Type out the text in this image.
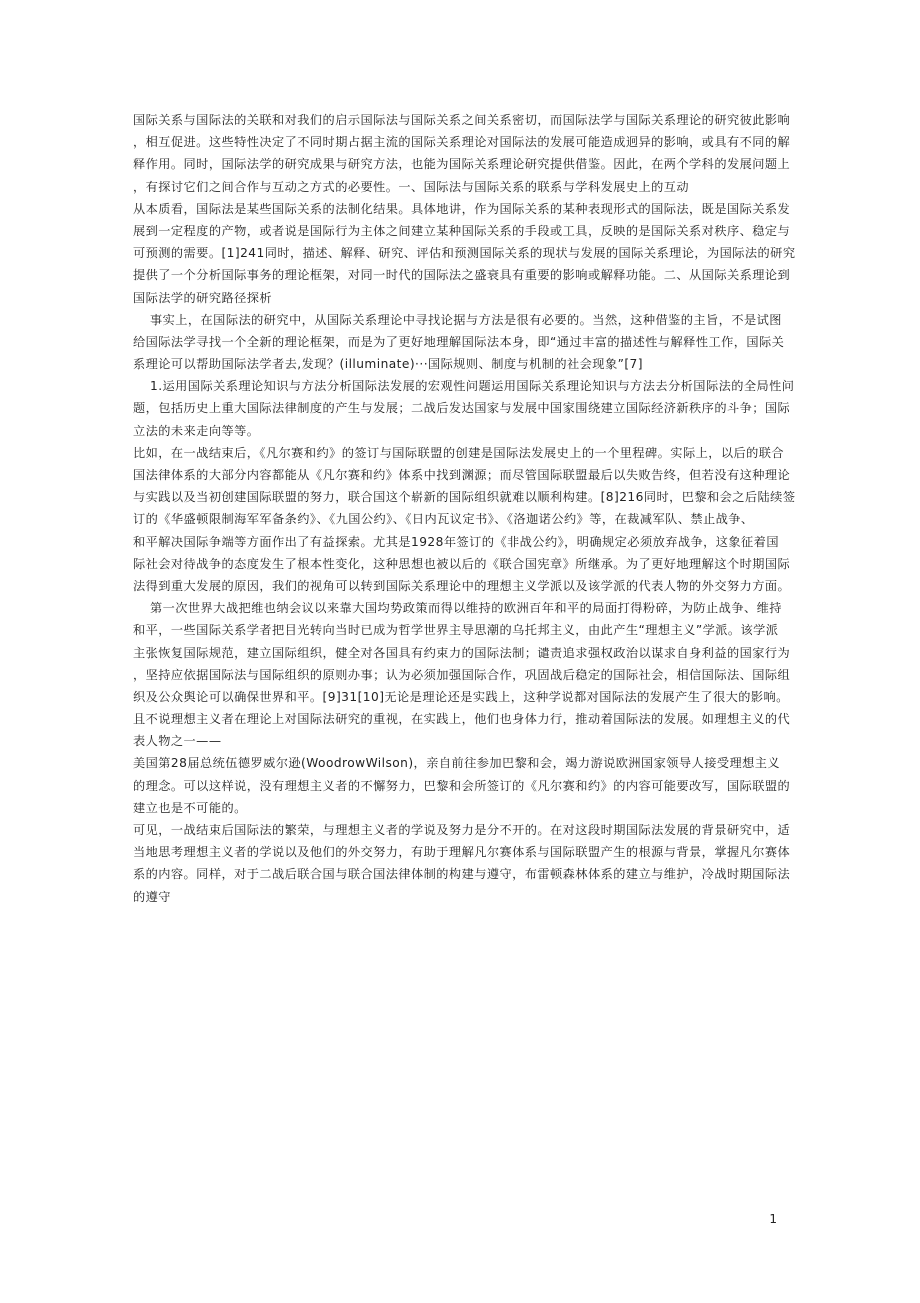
国际关系与国际法的关联和对我们的启示国际法与国际关系之间关系密切，而国际法学与国际关系理论的研究彼此影响
，相互促进。这些特性决定了不同时期占据主流的国际关系理论对国际法的发展可能造成迥异的影响，或具有不同的解
释作用。同时，国际法学的研究成果与研究方法，也能为国际关系理论研究提供借鉴。因此，在两个学科的发展问题上
，有探讨它们之间合作与互动之方式的必要性。一、国际法与国际关系的联系与学科发展史上的互动
从本质看，国际法是某些国际关系的法制化结果。具体地讲，作为国际关系的某种表现形式的国际法，既是国际关系发
展到一定程度的产物，或者说是国际行为主体之间建立某种国际关系的手段或工具，反映的是国际关系对秩序、稳定与
可预测的需要。[1]241同时，描述、解释、研究、评估和预测国际关系的现状与发展的国际关系理论，为国际法的研究
提供了一个分析国际事务的理论框架，对同一时代的国际法之盛衰具有重要的影响或解释功能。二、从国际关系理论到
国际法学的研究路径探析
事实上，在国际法的研究中，从国际关系理论中寻找论据与方法是很有必要的。当然，这种借鉴的主旨，不是试图
给国际法学寻找一个全新的理论框架，而是为了更好地理解国际法本身，即“通过丰富的描述性与解释性工作，国际关
系理论可以帮助国际法学者去,发现？(illuminate)···国际规则、制度与机制的社会现象”[7]
1.运用国际关系理论知识与方法分析国际法发展的宏观性问题运用国际关系理论知识与方法去分析国际法的全局性问
题，包括历史上重大国际法律制度的产生与发展；二战后发达国家与发展中国家围绕建立国际经济新秩序的斗争；国际
立法的未来走向等等。
比如，在一战结束后，《凡尔赛和约》的签订与国际联盟的创建是国际法发展史上的一个里程碑。实际上，以后的联合
国法律体系的大部分内容都能从《凡尔赛和约》体系中找到渊源；而尽管国际联盟最后以失败告终，但若没有这种理论
与实践以及当初创建国际联盟的努力，联合国这个崭新的国际组织就难以顺利构建。[8]216同时，巴黎和会之后陆续签
订的《华盛顿限制海军军备条约》、《九国公约》、《日内瓦议定书》、《洛迦诺公约》等，在裁减军队、禁止战争、
和平解决国际争端等方面作出了有益探索。尤其是1928年签订的《非战公约》，明确规定必须放弃战争，这象征着国
际社会对待战争的态度发生了根本性变化，这种思想也被以后的《联合国宪章》所继承。为了更好地理解这个时期国际
法得到重大发展的原因，我们的视角可以转到国际关系理论中的理想主义学派以及该学派的代表人物的外交努力方面。
第一次世界大战把维也纳会议以来靠大国均势政策而得以维持的欧洲百年和平的局面打得粉碎，为防止战争、维持
和平，一些国际关系学者把目光转向当时已成为哲学世界主导思潮的乌托邦主义，由此产生“理想主义”学派。该学派
主张恢复国际规范，建立国际组织，健全对各国具有约束力的国际法制；谴责追求强权政治以谋求自身利益的国家行为
，坚持应依据国际法与国际组织的原则办事；认为必须加强国际合作，巩固战后稳定的国际社会，相信国际法、国际组
织及公众舆论可以确保世界和平。[9]31[10]无论是理论还是实践上，这种学说都对国际法的发展产生了很大的影响。
且不说理想主义者在理论上对国际法研究的重视，在实践上，他们也身体力行，推动着国际法的发展。如理想主义的代
表人物之一——
美国第28届总统伍德罗威尔逊(WoodrowWilson)，亲自前往参加巴黎和会，竭力游说欧洲国家领导人接受理想主义
的理念。可以这样说，没有理想主义者的不懈努力，巴黎和会所签订的《凡尔赛和约》的内容可能要改写，国际联盟的
建立也是不可能的。
可见，一战结束后国际法的繁荣，与理想主义者的学说及努力是分不开的。在对这段时期国际法发展的背景研究中，适
当地思考理想主义者的学说以及他们的外交努力，有助于理解凡尔赛体系与国际联盟产生的根源与背景，掌握凡尔赛体
系的内容。同样，对于二战后联合国与联合国法律体制的构建与遵守，布雷顿森林体系的建立与维护，冷战时期国际法
的遵守
1
